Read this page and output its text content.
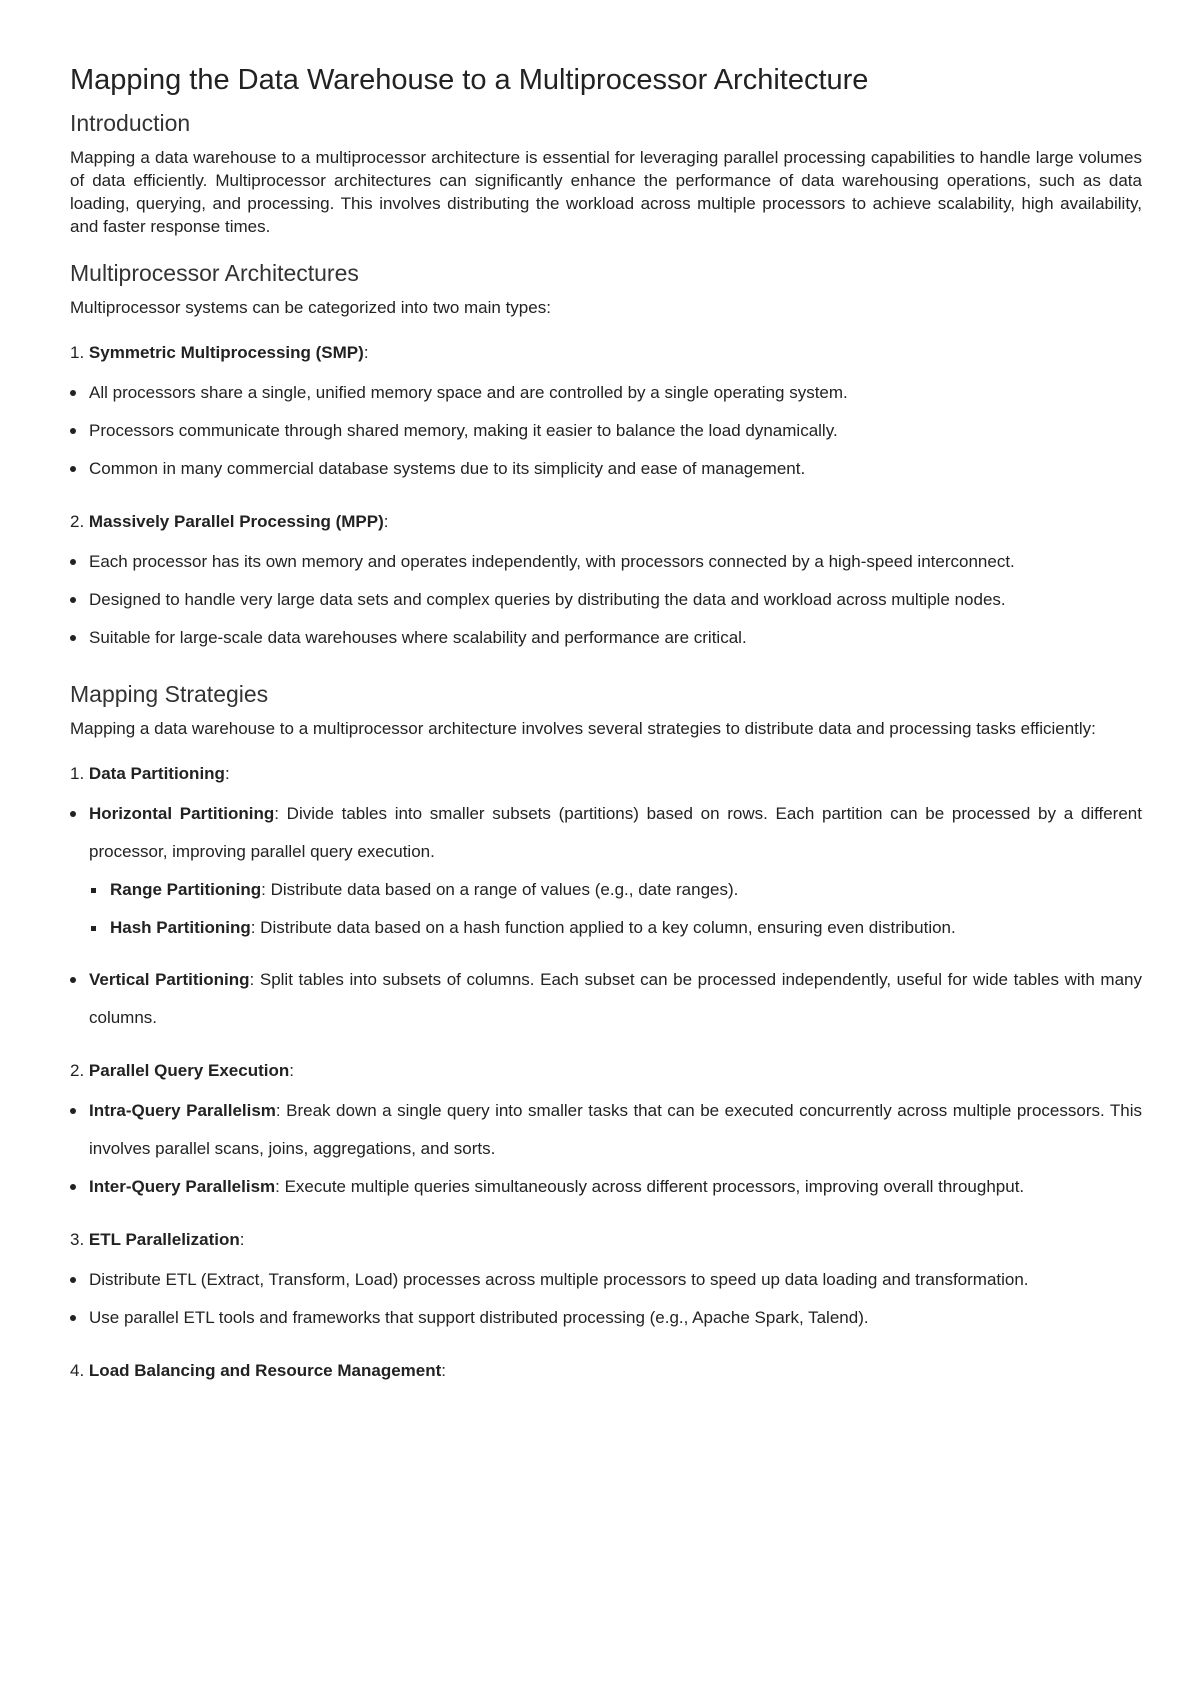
Mapping the Data Warehouse to a Multiprocessor Architecture
Introduction

Mapping a data warehouse to a multiprocessor architecture is essential for leveraging parallel processing capabilities to handle large volumes of data efficiently. Multiprocessor architectures can significantly enhance the performance of data warehousing operations, such as data loading, querying, and processing. This involves distributing the workload across multiple processors to achieve scalability, high availability, and faster response times.

Multiprocessor Architectures

Multiprocessor systems can be categorized into two main types:

1. Symmetric Multiprocessing (SMP):
All processors share a single, unified memory space and are controlled by a single operating system.
Processors communicate through shared memory, making it easier to balance the load dynamically.
Common in many commercial database systems due to its simplicity and ease of management.
2. Massively Parallel Processing (MPP):
Each processor has its own memory and operates independently, with processors connected by a high-speed interconnect.
Designed to handle very large data sets and complex queries by distributing the data and workload across multiple nodes.
Suitable for large-scale data warehouses where scalability and performance are critical.
Mapping Strategies

Mapping a data warehouse to a multiprocessor architecture involves several strategies to distribute data and processing tasks efficiently:

1. Data Partitioning:
Horizontal Partitioning: Divide tables into smaller subsets (partitions) based on rows. Each partition can be processed by a different processor, improving parallel query execution.
Range Partitioning: Distribute data based on a range of values (e.g., date ranges).
Hash Partitioning: Distribute data based on a hash function applied to a key column, ensuring even distribution.
Vertical Partitioning: Split tables into subsets of columns. Each subset can be processed independently, useful for wide tables with many columns.
2. Parallel Query Execution:
Intra-Query Parallelism: Break down a single query into smaller tasks that can be executed concurrently across multiple processors. This involves parallel scans, joins, aggregations, and sorts.
Inter-Query Parallelism: Execute multiple queries simultaneously across different processors, improving overall throughput.
3. ETL Parallelization:
Distribute ETL (Extract, Transform, Load) processes across multiple processors to speed up data loading and transformation.
Use parallel ETL tools and frameworks that support distributed processing (e.g., Apache Spark, Talend).
4. Load Balancing and Resource Management:
